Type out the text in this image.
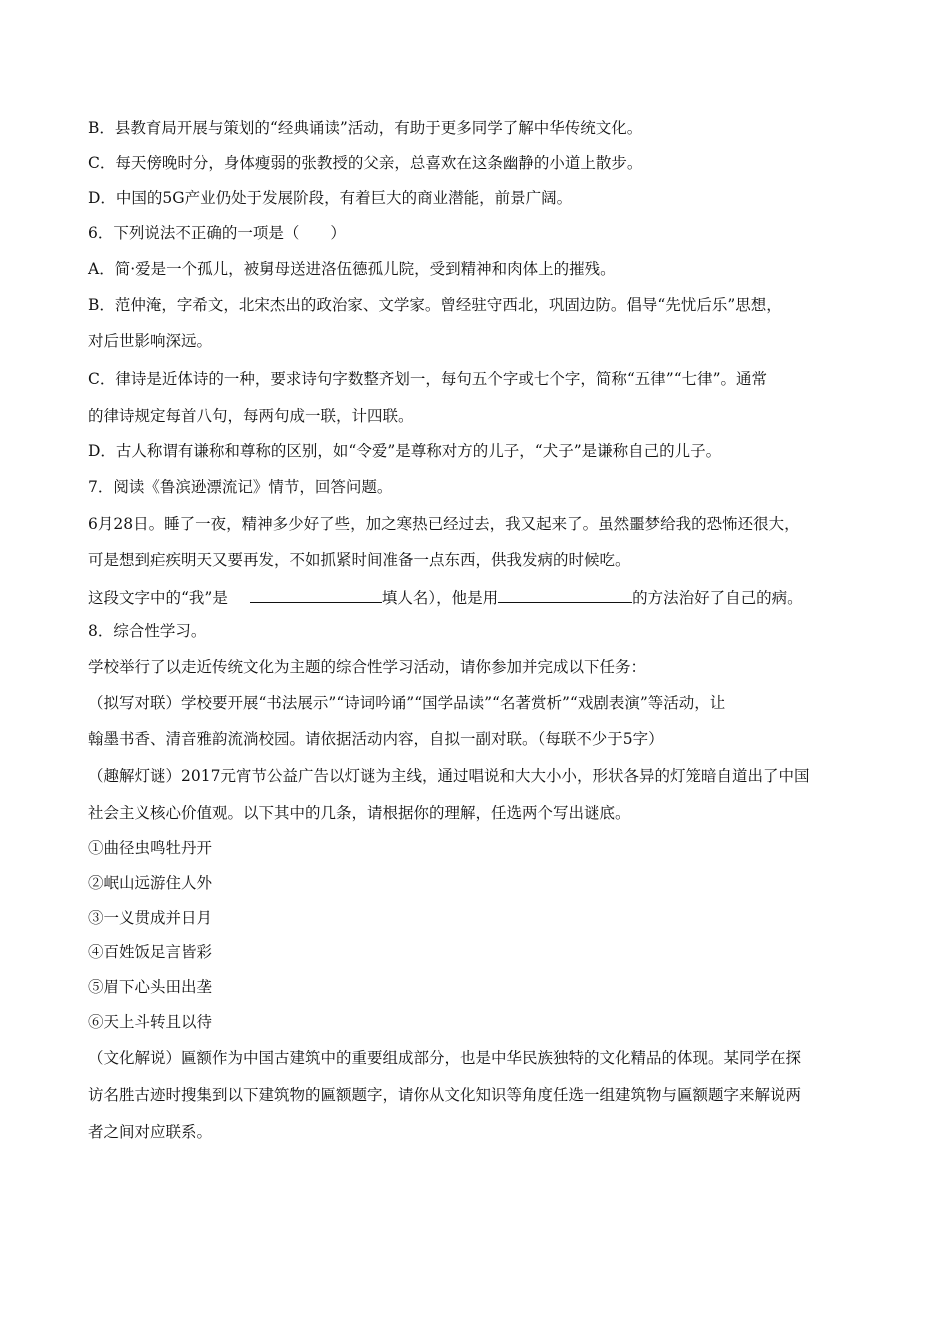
B．县教育局开展与策划的“经典诵读”活动，有助于更多同学了解中华传统文化。
C．每天傍晚时分，身体瘦弱的张教授的父亲，总喜欢在这条幽静的小道上散步。
D．中国的5G产业仍处于发展阶段，有着巨大的商业潜能，前景广阔。
6．下列说法不正确的一项是（　　）
A．简·爱是一个孤儿，被舅母送进洛伍德孤儿院，受到精神和肉体上的摧残。
B．范仲淹，字希文，北宋杰出的政治家、文学家。曾经驻守西北，巩固边防。倡导“先忧后乐”思想，
对后世影响深远。
C．律诗是近体诗的一种，要求诗句字数整齐划一，每句五个字或七个字，简称“五律”“七律”。通常
的律诗规定每首八句，每两句成一联，计四联。
D．古人称谓有谦称和尊称的区别，如“令爱”是尊称对方的儿子，“犬子”是谦称自己的儿子。
7．阅读《鲁滨逊漂流记》情节，回答问题。
6月28日。睡了一夜，精神多少好了些，加之寒热已经过去，我又起来了。虽然噩梦给我的恐怖还很大，
可是想到疟疾明天又要再发，不如抓紧时间准备一点东西，供我发病的时候吃。
这段文字中的“我”是	填人名），他是用	的方法治好了自己的病。
8．综合性学习。
学校举行了以走近传统文化为主题的综合性学习活动，请你参加并完成以下任务：
（拟写对联）学校要开展“书法展示”“诗词吟诵”“国学品读”“名著赏析”“戏剧表演”等活动，让
翰墨书香、清音雅韵流淌校园。请依据活动内容，自拟一副对联。（每联不少于5字）
（趣解灯谜）2017元宵节公益广告以灯谜为主线，通过唱说和大大小小，形状各异的灯笼暗自道出了中国
社会主义核心价值观。以下其中的几条，请根据你的理解，任选两个写出谜底。
①曲径虫鸣牡丹开
②岷山远游住人外
③一义贯成并日月
④百姓饭足言皆彩
⑤眉下心头田出垄
⑥天上斗转且以待
（文化解说）匾额作为中国古建筑中的重要组成部分，也是中华民族独特的文化精品的体现。某同学在探
访名胜古迹时搜集到以下建筑物的匾额题字，请你从文化知识等角度任选一组建筑物与匾额题字来解说两
者之间对应联系。
